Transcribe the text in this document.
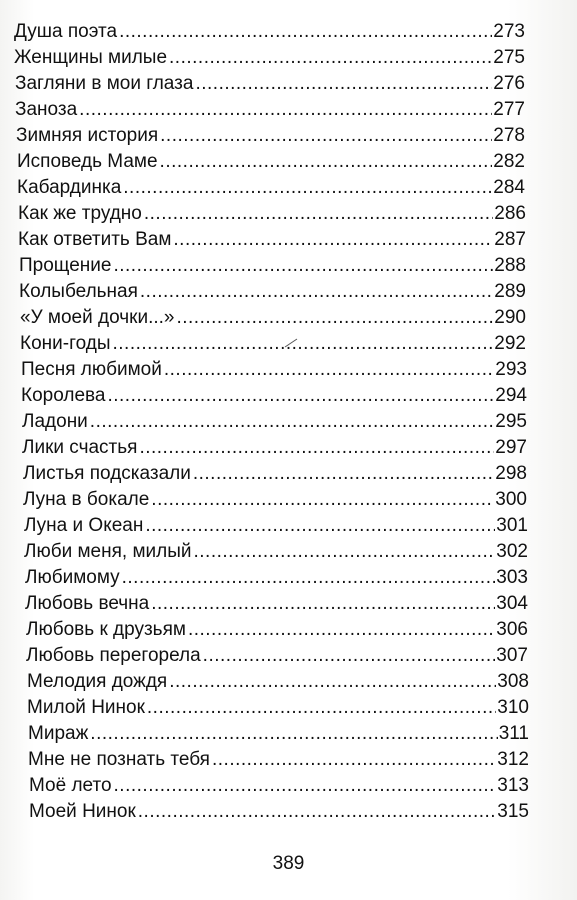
Душа поэта .....	273
Женщины милые .....	275
Загляни в мои глаза .....	276
Заноза .....	277
Зимняя история .....	278
Исповедь Маме .....	282
Кабардинка .....	284
Как же трудно .....	286
Как ответить Вам .....	287
Прощение .....	288
Колыбельная .....	289
«У моей дочки...» .....	290
Кони-годы .....	292
Песня любимой .....	293
Королева .....	294
Ладони .....	295
Лики счастья .....	297
Листья подсказали .....	298
Луна в бокале .....	300
Луна и Океан .....	301
Люби меня, милый .....	302
Любимому .....	303
Любовь вечна .....	304
Любовь к друзьям .....	306
Любовь перегорела .....	307
Мелодия дождя .....	308
Милой Нинок .....	310
Мираж .....	311
Мне не познать тебя .....	312
Моё лето .....	313
Моей Нинок .....	315
389
